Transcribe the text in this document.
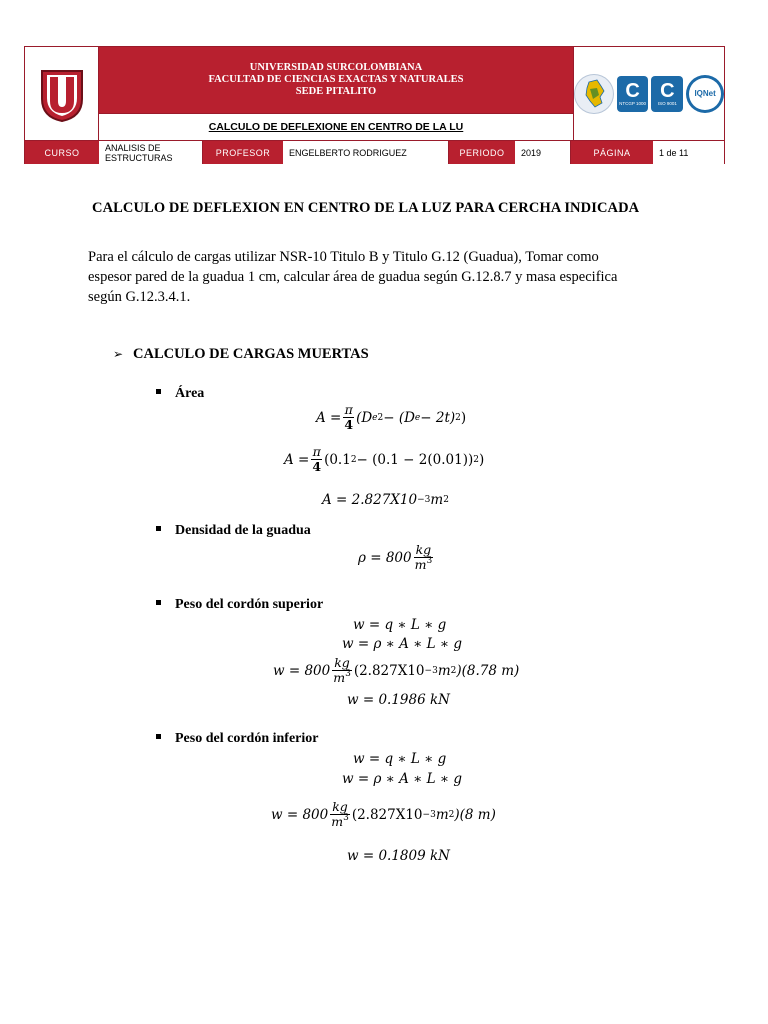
S
UNIVERSIDAD SURCOLOMBIANA
FACULTAD DE CIENCIAS EXACTAS Y NATURALES
SEDE PITALITO
CALCULO DE DEFLEXIONE EN CENTRO DE LA LU
C
NTCGP 1000
C
ISO 9001
IQNet
CURSO	ANALISIS DE
ESTRUCTURAS	PROFESOR	ENGELBERTO RODRIGUEZ	PERIODO	2019	PÁGINA	1 de 11
CALCULO DE DEFLEXION EN CENTRO DE LA LUZ PARA CERCHA INDICADA
Para el cálculo de cargas utilizar NSR-10 Titulo B y Titulo G.12 (Guadua), Tomar como
espesor pared de la guadua 1 cm, calcular área de guadua según G.12.8.7 y masa especifica
según G.12.3.4.1.
➢ CALCULO DE CARGAS MUERTAS
Área
$A = \frac{\pi}{4} (D$ e 2 − (D e − 2t) 2 )
$A = \frac{\pi}{4} (0.1$ 2 − (0.1 − 2(0.01)) 2 )
A = 2.827X10 −3 m 2
Densidad de la guadua
$\rho = 800 \frac{kg}{m^3}$
Peso del cordón superior
w = q ∗ L ∗ g
w = ρ ∗ A ∗ L ∗ g
$w = 800 \frac{kg}{m^3} (2.827X10 -3$ m 2 )(8.78 m)
w = 0.1986 kN
Peso del cordón inferior
w = q ∗ L ∗ g
w = ρ ∗ A ∗ L ∗ g
$w = 800 \frac{kg}{m^3} (2.827X10 -3$ m 2 )(8 m)
w = 0.1809 kN
